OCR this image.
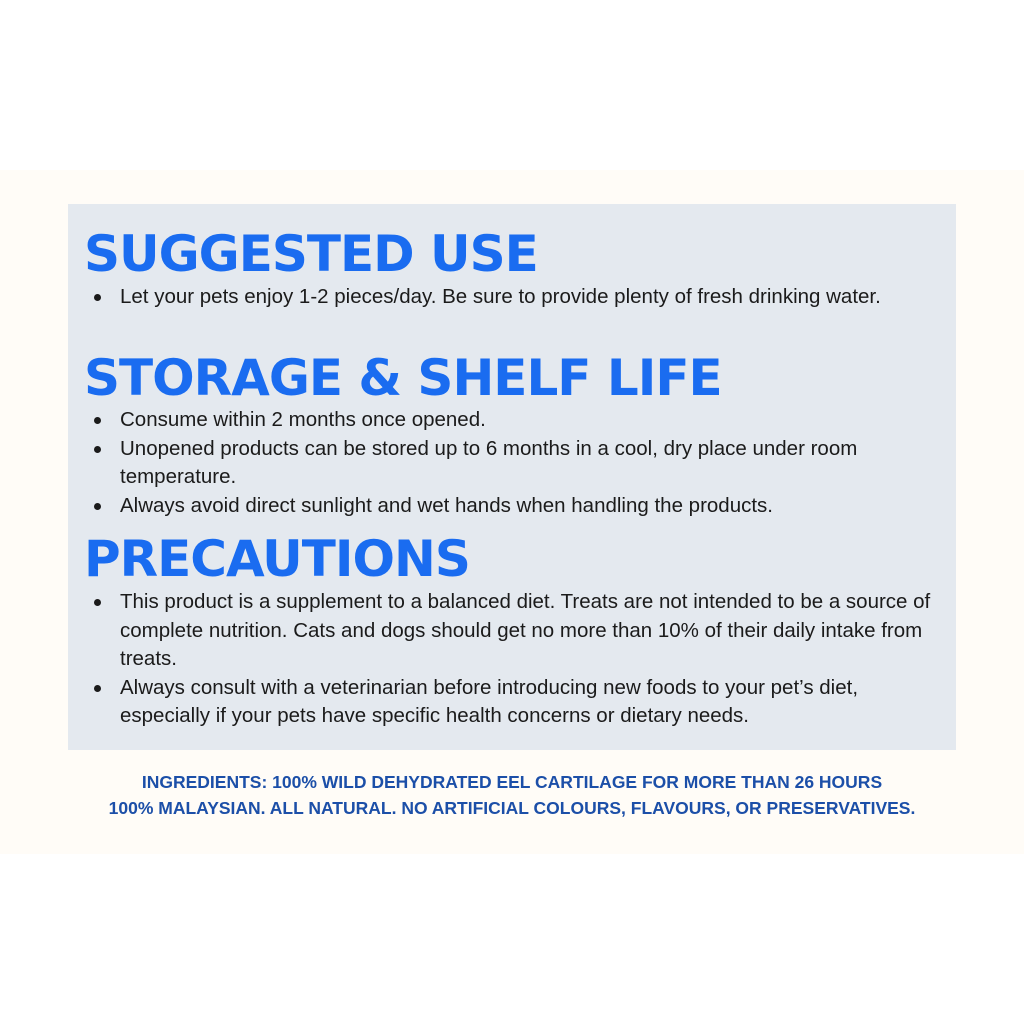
SUGGESTED USE
Let your pets enjoy 1-2 pieces/day. Be sure to provide plenty of fresh drinking water.
STORAGE & SHELF LIFE
Consume within 2 months once opened.
Unopened products can be stored up to 6 months in a cool, dry place under room temperature.
Always avoid direct sunlight and wet hands when handling the products.
PRECAUTIONS
This product is a supplement to a balanced diet. Treats are not intended to be a source of complete nutrition. Cats and dogs should get no more than 10% of their daily intake from treats.
Always consult with a veterinarian before introducing new foods to your pet’s diet, especially if your pets have specific health concerns or dietary needs.
INGREDIENTS: 100% WILD DEHYDRATED EEL CARTILAGE FOR MORE THAN 26 HOURS
100% MALAYSIAN. ALL NATURAL. NO ARTIFICIAL COLOURS, FLAVOURS, OR PRESERVATIVES.
